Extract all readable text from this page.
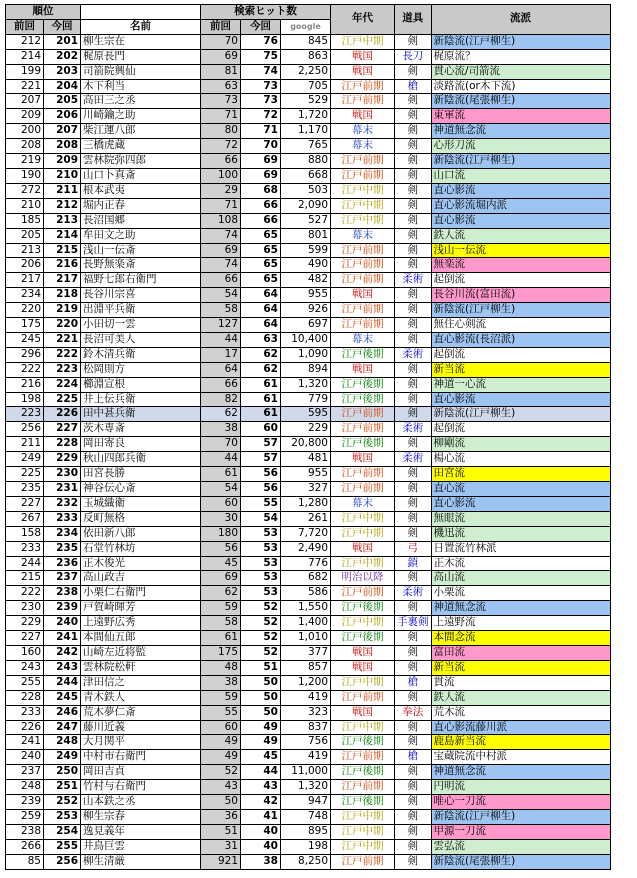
順位			検索ヒット数			年代	道具	流派
前回	今回	名前	前回	今回	google			
212	201	柳生宗在	70	76	845	江戸中期	剣	新陰流(江戸柳生)
214	202	梶原長門	69	75	863	戦国	長刀	梶原流？
199	203	司箭院興仙	81	74	2,250	戦国	剣	貫心流/司箭流
221	204	木下利当	63	73	705	江戸前期	槍	淡路流(or木下流)
207	205	高田三之丞	73	73	529	江戸前期	剣	新陰流(尾張柳生)
209	206	川崎鑰之助	71	72	1,720	戦国	剣	東軍流
200	207	柴江運八郎	80	71	1,170	幕末	剣	神道無念流
208	208	三橋虎蔵	72	70	765	幕末	剣	心形刀流
219	209	雲林院弥四郎	66	69	880	江戸前期	剣	新陰流(江戸柳生)
190	210	山口卜真斎	100	69	668	江戸前期	剣	山口流
272	211	根本武夷	29	68	503	江戸中期	剣	直心影流
210	212	堀内正春	71	66	2,090	江戸中期	剣	直心影流堀内派
185	213	長沼国郷	108	66	527	江戸中期	剣	直心影流
205	214	牟田文之助	74	65	801	幕末	剣	鉄人流
213	215	浅山一伝斎	69	65	599	江戸前期	剣	浅山一伝流
206	216	長野無楽斎	74	65	490	江戸前期	剣	無楽流
217	217	福野七郎右衛門	66	65	482	江戸前期	柔術	起倒流
234	218	長谷川宗喜	54	64	955	戦国	剣	長谷川流(富田流)
220	219	出淵平兵衛	58	64	926	江戸前期	剣	新陰流(江戸柳生)
175	220	小田切一雲	127	64	697	江戸前期	剣	無住心剣流
245	221	長沼可美人	44	63	10,400	幕末	剣	直心影流(長沼派)
296	222	鈴木清兵衛	17	62	1,090	江戸後期	柔術	起倒流
222	223	松岡則方	64	62	894	戦国	剣	新当流
216	224	櫛淵宣根	66	61	1,320	江戸後期	剣	神道一心流
198	225	井上伝兵衛	82	61	779	江戸後期	剣	直心影流
223	226	田中甚兵衛	62	61	595	江戸前期	剣	新陰流(江戸柳生)
256	227	茨木専斎	38	60	229	江戸前期	柔術	起倒流
211	228	岡田寄良	70	57	20,800	江戸後期	剣	柳剛流
249	229	秋山四郎兵衛	44	57	481	戦国	柔術	楊心流
225	230	田宮長勝	61	56	955	江戸前期	剣	田宮流
235	231	神谷伝心斎	54	56	327	江戸前期	剣	直心流
227	232	玉城織衛	60	55	1,280	幕末	剣	直心影流
267	233	反町無格	30	54	261	江戸中期	剣	無眼流
158	234	依田新八郎	180	53	7,720	江戸中期	剣	機迅流
233	235	石堂竹林坊	56	53	2,490	戦国	弓	日置流竹林派
244	236	正木俊光	45	53	776	江戸中期	鎖	正木流
215	237	高山政吉	69	53	682	明治以降	剣	高山流
222	238	小栗仁右衛門	62	53	586	江戸前期	柔術	小栗流
230	239	戸賀崎暉芳	59	52	1,550	江戸後期	剣	神道無念流
229	240	上遠野広秀	58	52	1,400	江戸中期	手裏剣	上遠野流
227	241	本間仙五郎	61	52	1,010	江戸後期	剣	本間念流
160	242	山崎左近将監	175	52	377	戦国	剣	富田流
243	243	雲林院松軒	48	51	857	戦国	剣	新当流
255	244	津田信之	38	50	1,200	江戸中期	槍	貫流
228	245	青木鉄人	59	50	419	江戸前期	剣	鉄人流
233	246	荒木夢仁斎	55	50	323	戦国	拳法	荒木流
226	247	藤川近義	60	49	837	江戸中期	剣	直心影流藤川派
241	248	大月関平	49	49	756	江戸後期	剣	鹿島新当流
240	249	中村市右衛門	49	45	419	江戸前期	槍	宝蔵院流中村派
237	250	岡田吉貞	52	44	11,000	江戸後期	剣	神道無念流
248	251	竹村与右衛門	43	43	1,320	江戸前期	剣	円明流
239	252	山本鉄之丞	50	42	947	江戸後期	剣	唯心一刀流
259	253	柳生宗春	36	41	748	江戸中期	剣	新陰流(江戸柳生)
238	254	逸見義年	51	40	895	江戸中期	剣	甲源一刀流
266	255	井鳥巨雲	31	40	198	江戸中期	剣	雲弘流
85	256	柳生清厳	921	38	8,250	江戸前期	剣	新陰流(尾張柳生)
